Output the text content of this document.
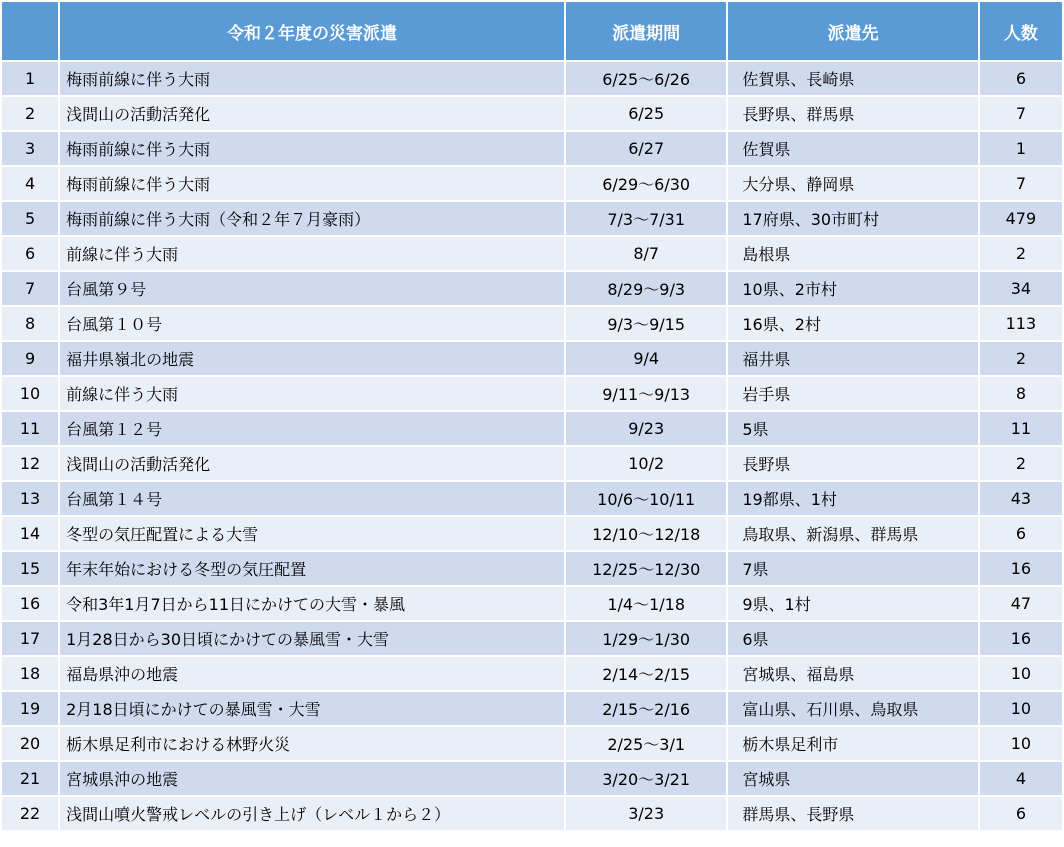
	令和２年度の災害派遣	派遣期間	派遣先	人数
1	梅雨前線に伴う大雨	6/25～6/26	佐賀県、長崎県	6
2	浅間山の活動活発化	6/25	長野県、群馬県	7
3	梅雨前線に伴う大雨	6/27	佐賀県	1
4	梅雨前線に伴う大雨	6/29～6/30	大分県、静岡県	7
5	梅雨前線に伴う大雨（令和２年７月豪雨）	7/3～7/31	17府県、30市町村	479
6	前線に伴う大雨	8/7	島根県	2
7	台風第９号	8/29～9/3	10県、2市村	34
8	台風第１０号	9/3～9/15	16県、2村	113
9	福井県嶺北の地震	9/4	福井県	2
10	前線に伴う大雨	9/11～9/13	岩手県	8
11	台風第１２号	9/23	5県	11
12	浅間山の活動活発化	10/2	長野県	2
13	台風第１４号	10/6～10/11	19都県、1村	43
14	冬型の気圧配置による大雪	12/10～12/18	鳥取県、新潟県、群馬県	6
15	年末年始における冬型の気圧配置	12/25～12/30	7県	16
16	令和3年1月7日から11日にかけての大雪・暴風	1/4～1/18	9県、1村	47
17	1月28日から30日頃にかけての暴風雪・大雪	1/29～1/30	6県	16
18	福島県沖の地震	2/14～2/15	宮城県、福島県	10
19	2月18日頃にかけての暴風雪・大雪	2/15～2/16	富山県、石川県、鳥取県	10
20	栃木県足利市における林野火災	2/25～3/1	栃木県足利市	10
21	宮城県沖の地震	3/20～3/21	宮城県	4
22	浅間山噴火警戒レベルの引き上げ（レベル１から２）	3/23	群馬県、長野県	6
